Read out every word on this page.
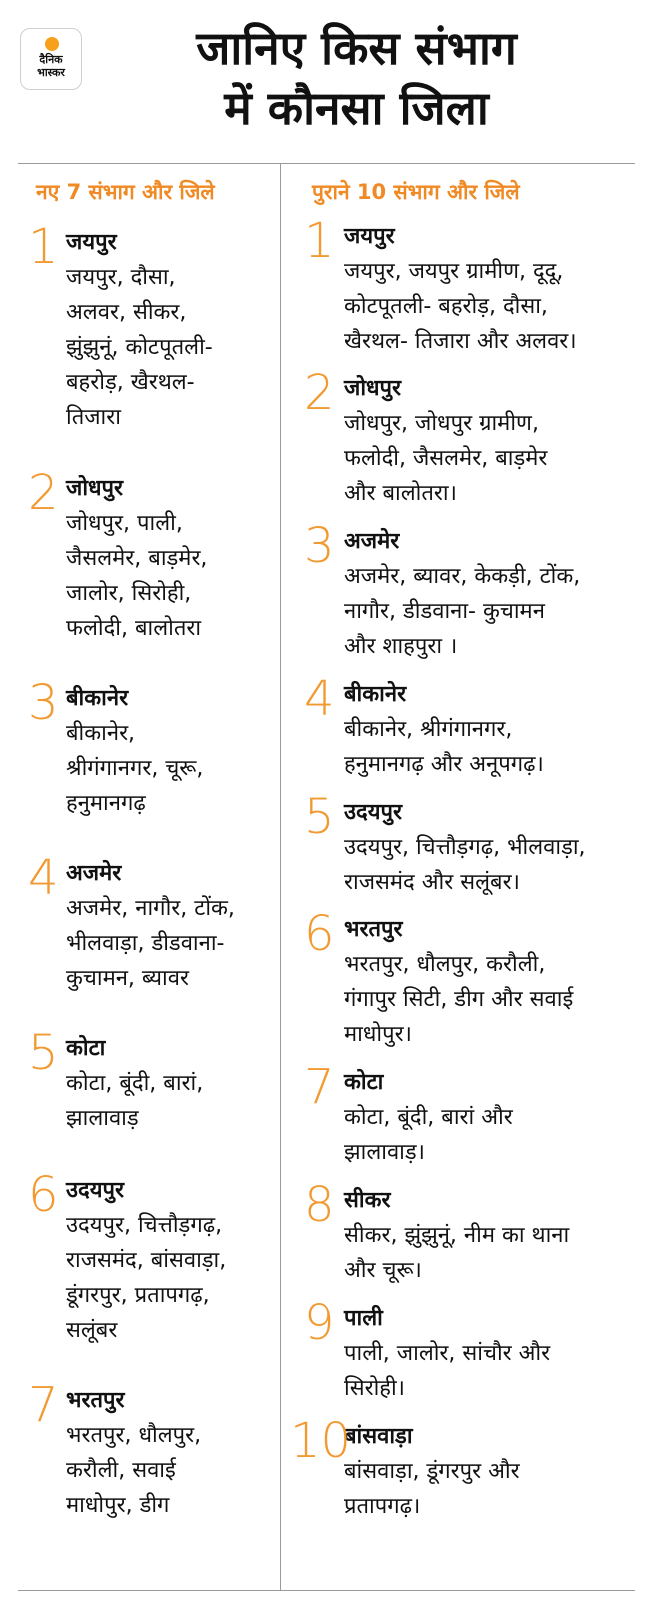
दैनिक
भास्कर	जानिए किस संभाग
में कौनसा जिला
नए 7 संभाग और जिले	पुराने 10 संभाग और जिले
1 जयपुर
जयपुर, दौसा,
अलवर, सीकर,
झुंझुनूं, कोटपूतली-
बहरोड़, खैरथल-
तिजारा
2 जोधपुर
जोधपुर, पाली,
जैसलमेर, बाड़मेर,
जालोर, सिरोही,
फलोदी, बालोतरा
3 बीकानेर
बीकानेर,
श्रीगंगानगर, चूरू,
हनुमानगढ़
4 अजमेर
अजमेर, नागौर, टोंक,
भीलवाड़ा, डीडवाना-
कुचामन, ब्यावर
5 कोटा
कोटा, बूंदी, बारां,
झालावाड़
6 उदयपुर
उदयपुर, चित्तौड़गढ़,
राजसमंद, बांसवाड़ा,
डूंगरपुर, प्रतापगढ़,
सलूंबर
7 भरतपुर
भरतपुर, धौलपुर,
करौली, सवाई
माधोपुर, डीग
1 जयपुर
जयपुर, जयपुर ग्रामीण, दूदू,
कोटपूतली- बहरोड़, दौसा,
खैरथल- तिजारा और अलवर।
2 जोधपुर
जोधपुर, जोधपुर ग्रामीण,
फलोदी, जैसलमेर, बाड़मेर
और बालोतरा।
3 अजमेर
अजमेर, ब्यावर, केकड़ी, टोंक,
नागौर, डीडवाना- कुचामन
और शाहपुरा ।
4 बीकानेर
बीकानेर, श्रीगंगानगर,
हनुमानगढ़ और अनूपगढ़।
5 उदयपुर
उदयपुर, चित्तौड़गढ़, भीलवाड़ा,
राजसमंद और सलूंबर।
6 भरतपुर
भरतपुर, धौलपुर, करौली,
गंगापुर सिटी, डीग और सवाई
माधोपुर।
7 कोटा
कोटा, बूंदी, बारां और
झालावाड़।
8 सीकर
सीकर, झुंझुनूं, नीम का थाना
और चूरू।
9 पाली
पाली, जालोर, सांचौर और
सिरोही।
10
बांसवाड़ा
बांसवाड़ा, डूंगरपुर और
प्रतापगढ़।
